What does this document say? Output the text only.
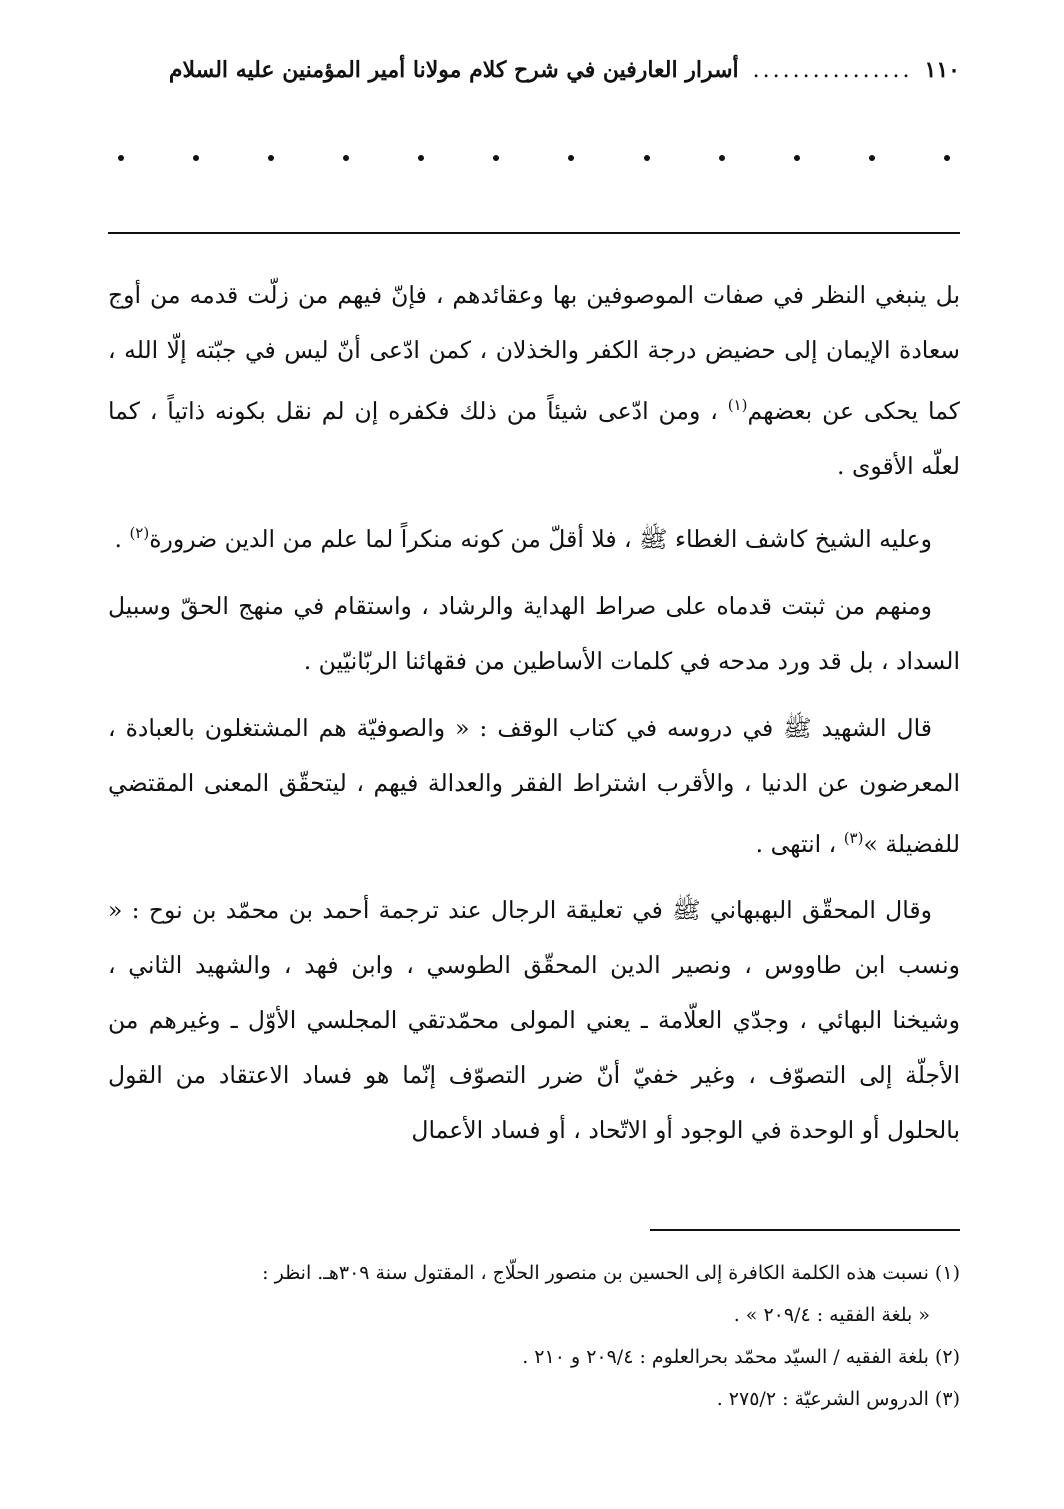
١١٠
................
أسرار العارفين في شرح كلام مولانا أمير المؤمنين عليه السلام

بل ينبغي النظر في صفات الموصوفين بها وعقائدهم ، فإنّ فيهم من زلّت قدمه من أوج سعادة الإيمان إلى حضيض درجة الكفر والخذلان ، كمن ادّعى أنّ ليس في جبّته إلّا الله ، كما يحكى عن بعضهم$^{(١)}$ ، ومن ادّعى شيئاً من ذلك فكفره إن لم نقل بكونه ذاتياً ، كما لعلّه الأقوى .

وعليه الشيخ كاشف الغطاء ﷺ ، فلا أقلّ من كونه منكراً لما علم من الدين ضرورة$^{(٢)}$ .

ومنهم من ثبتت قدماه على صراط الهداية والرشاد ، واستقام في منهج الحقّ وسبيل السداد ، بل قد ورد مدحه في كلمات الأساطين من فقهائنا الربّانيّين .

قال الشهيد ﷺ في دروسه في كتاب الوقف : « والصوفيّة هم المشتغلون بالعبادة ، المعرضون عن الدنيا ، والأقرب اشتراط الفقر والعدالة فيهم ، ليتحقّق المعنى المقتضي للفضيلة »$^{(٣)}$ ، انتهى .

وقال المحقّق البهبهاني ﷺ في تعليقة الرجال عند ترجمة أحمد بن محمّد بن نوح : « ونسب ابن طاووس ، ونصير الدين المحقّق الطوسي ، وابن فهد ، والشهيد الثاني ، وشيخنا البهائي ، وجدّي العلّامة ـ يعني المولى محمّدتقي المجلسي الأوّل ـ وغيرهم من الأجلّة إلى التصوّف ، وغير خفيّ أنّ ضرر التصوّف إنّما هو فساد الاعتقاد من القول بالحلول أو الوحدة في الوجود أو الاتّحاد ، أو فساد الأعمال

(١) نسبت هذه الكلمة الكافرة إلى الحسين بن منصور الحلّاج ، المقتول سنة ٣٠٩هـ. انظر :

« بلغة الفقيه : ٢٠٩/٤ » .

(٢) بلغة الفقيه / السيّد محمّد بحرالعلوم : ٢٠٩/٤ و ٢١٠ .

(٣) الدروس الشرعيّة : ٢٧٥/٢ .
